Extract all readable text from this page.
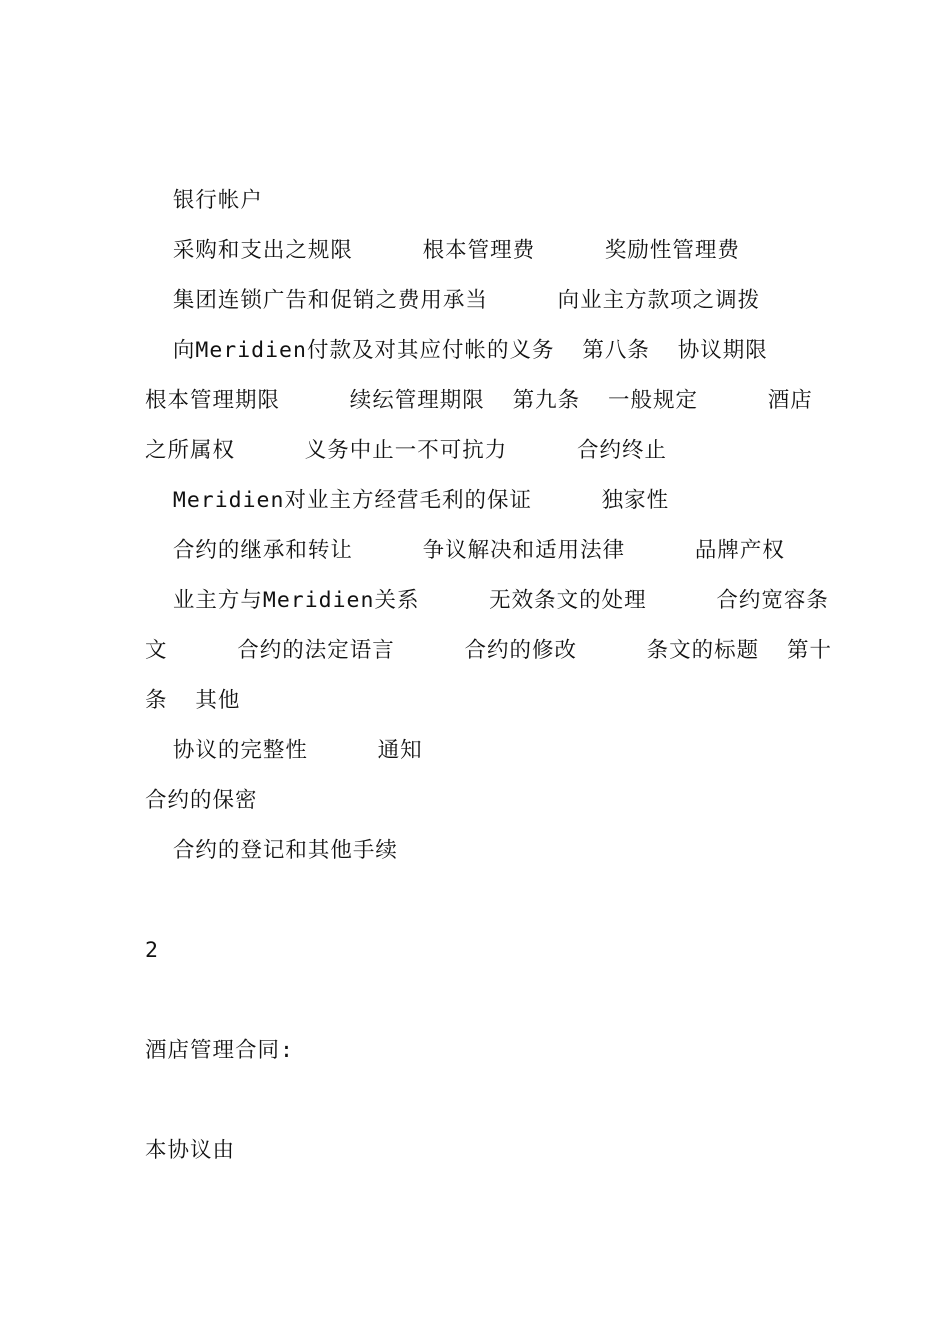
银行帐户
采购和支出之规限     根本管理费     奖励性管理费
集团连锁广告和促销之费用承当     向业主方款项之调拨
向Meridien付款及对其应付帐的义务  第八条  协议期限
根本管理期限     续纭管理期限  第九条  一般规定     酒店
之所属权     义务中止一不可抗力     合约终止
Meridien对业主方经营毛利的保证     独家性
合约的继承和转让     争议解决和适用法律     品牌产权
业主方与Meridien关系     无效条文的处理     合约宽容条
文     合约的法定语言     合约的修改     条文的标题  第十
条  其他
协议的完整性     通知
合约的保密
合约的登记和其他手续
2
酒店管理合同:
本协议由
